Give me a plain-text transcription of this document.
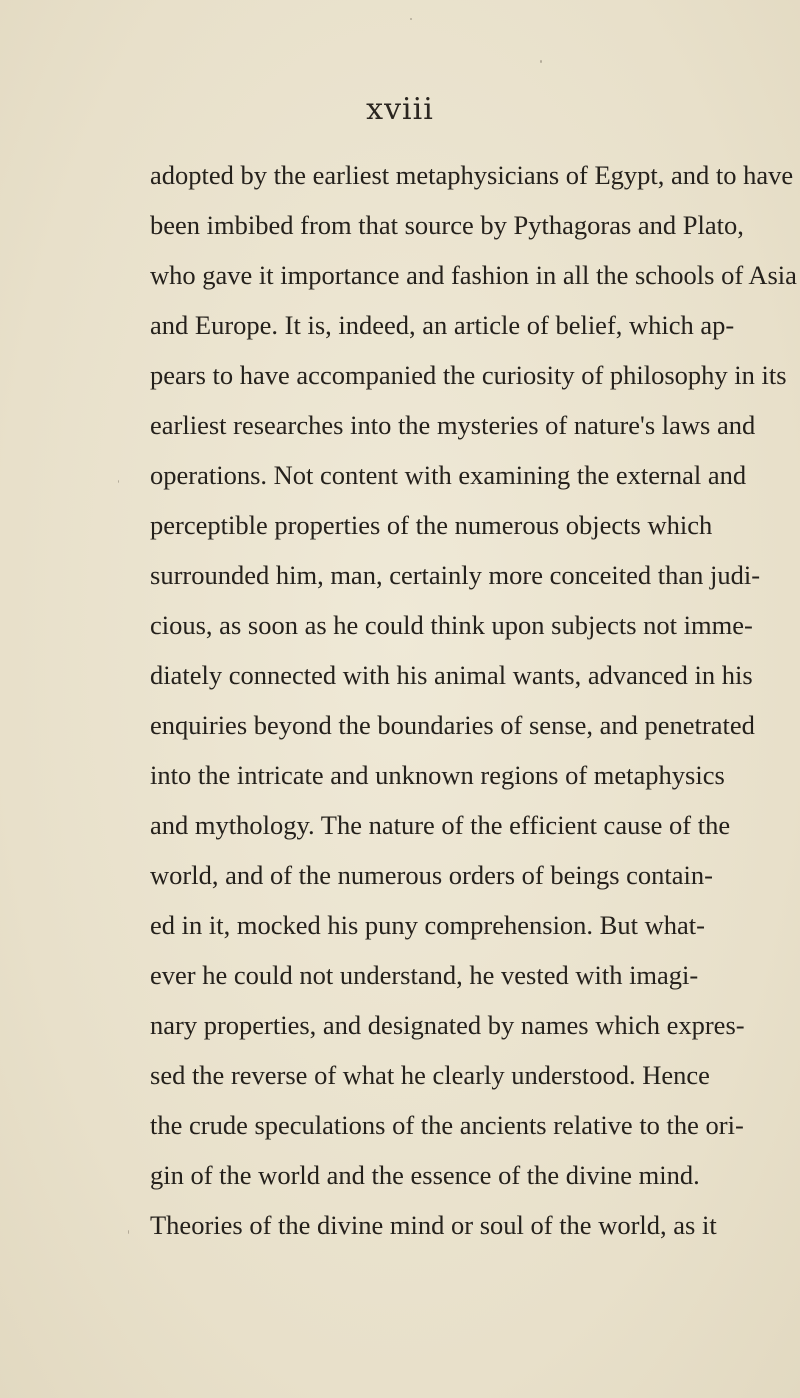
xviii
adopted by the earliest metaphysicians of Egypt, and to have
been imbibed from that source by Pythagoras and Plato,
who gave it importance and fashion in all the schools of Asia
and Europe. It is, indeed, an article of belief, which ap-
pears to have accompanied the curiosity of philosophy in its
earliest researches into the mysteries of nature's laws and
operations. Not content with examining the external and
perceptible properties of the numerous objects which
surrounded him, man, certainly more conceited than judi-
cious, as soon as he could think upon subjects not imme-
diately connected with his animal wants, advanced in his
enquiries beyond the boundaries of sense, and penetrated
into the intricate and unknown regions of metaphysics
and mythology. The nature of the efficient cause of the
world, and of the numerous orders of beings contain-
ed in it, mocked his puny comprehension. But what-
ever he could not understand, he vested with imagi-
nary properties, and designated by names which expres-
sed the reverse of what he clearly understood. Hence
the crude speculations of the ancients relative to the ori-
gin of the world and the essence of the divine mind.
Theories of the divine mind or soul of the world, as it
